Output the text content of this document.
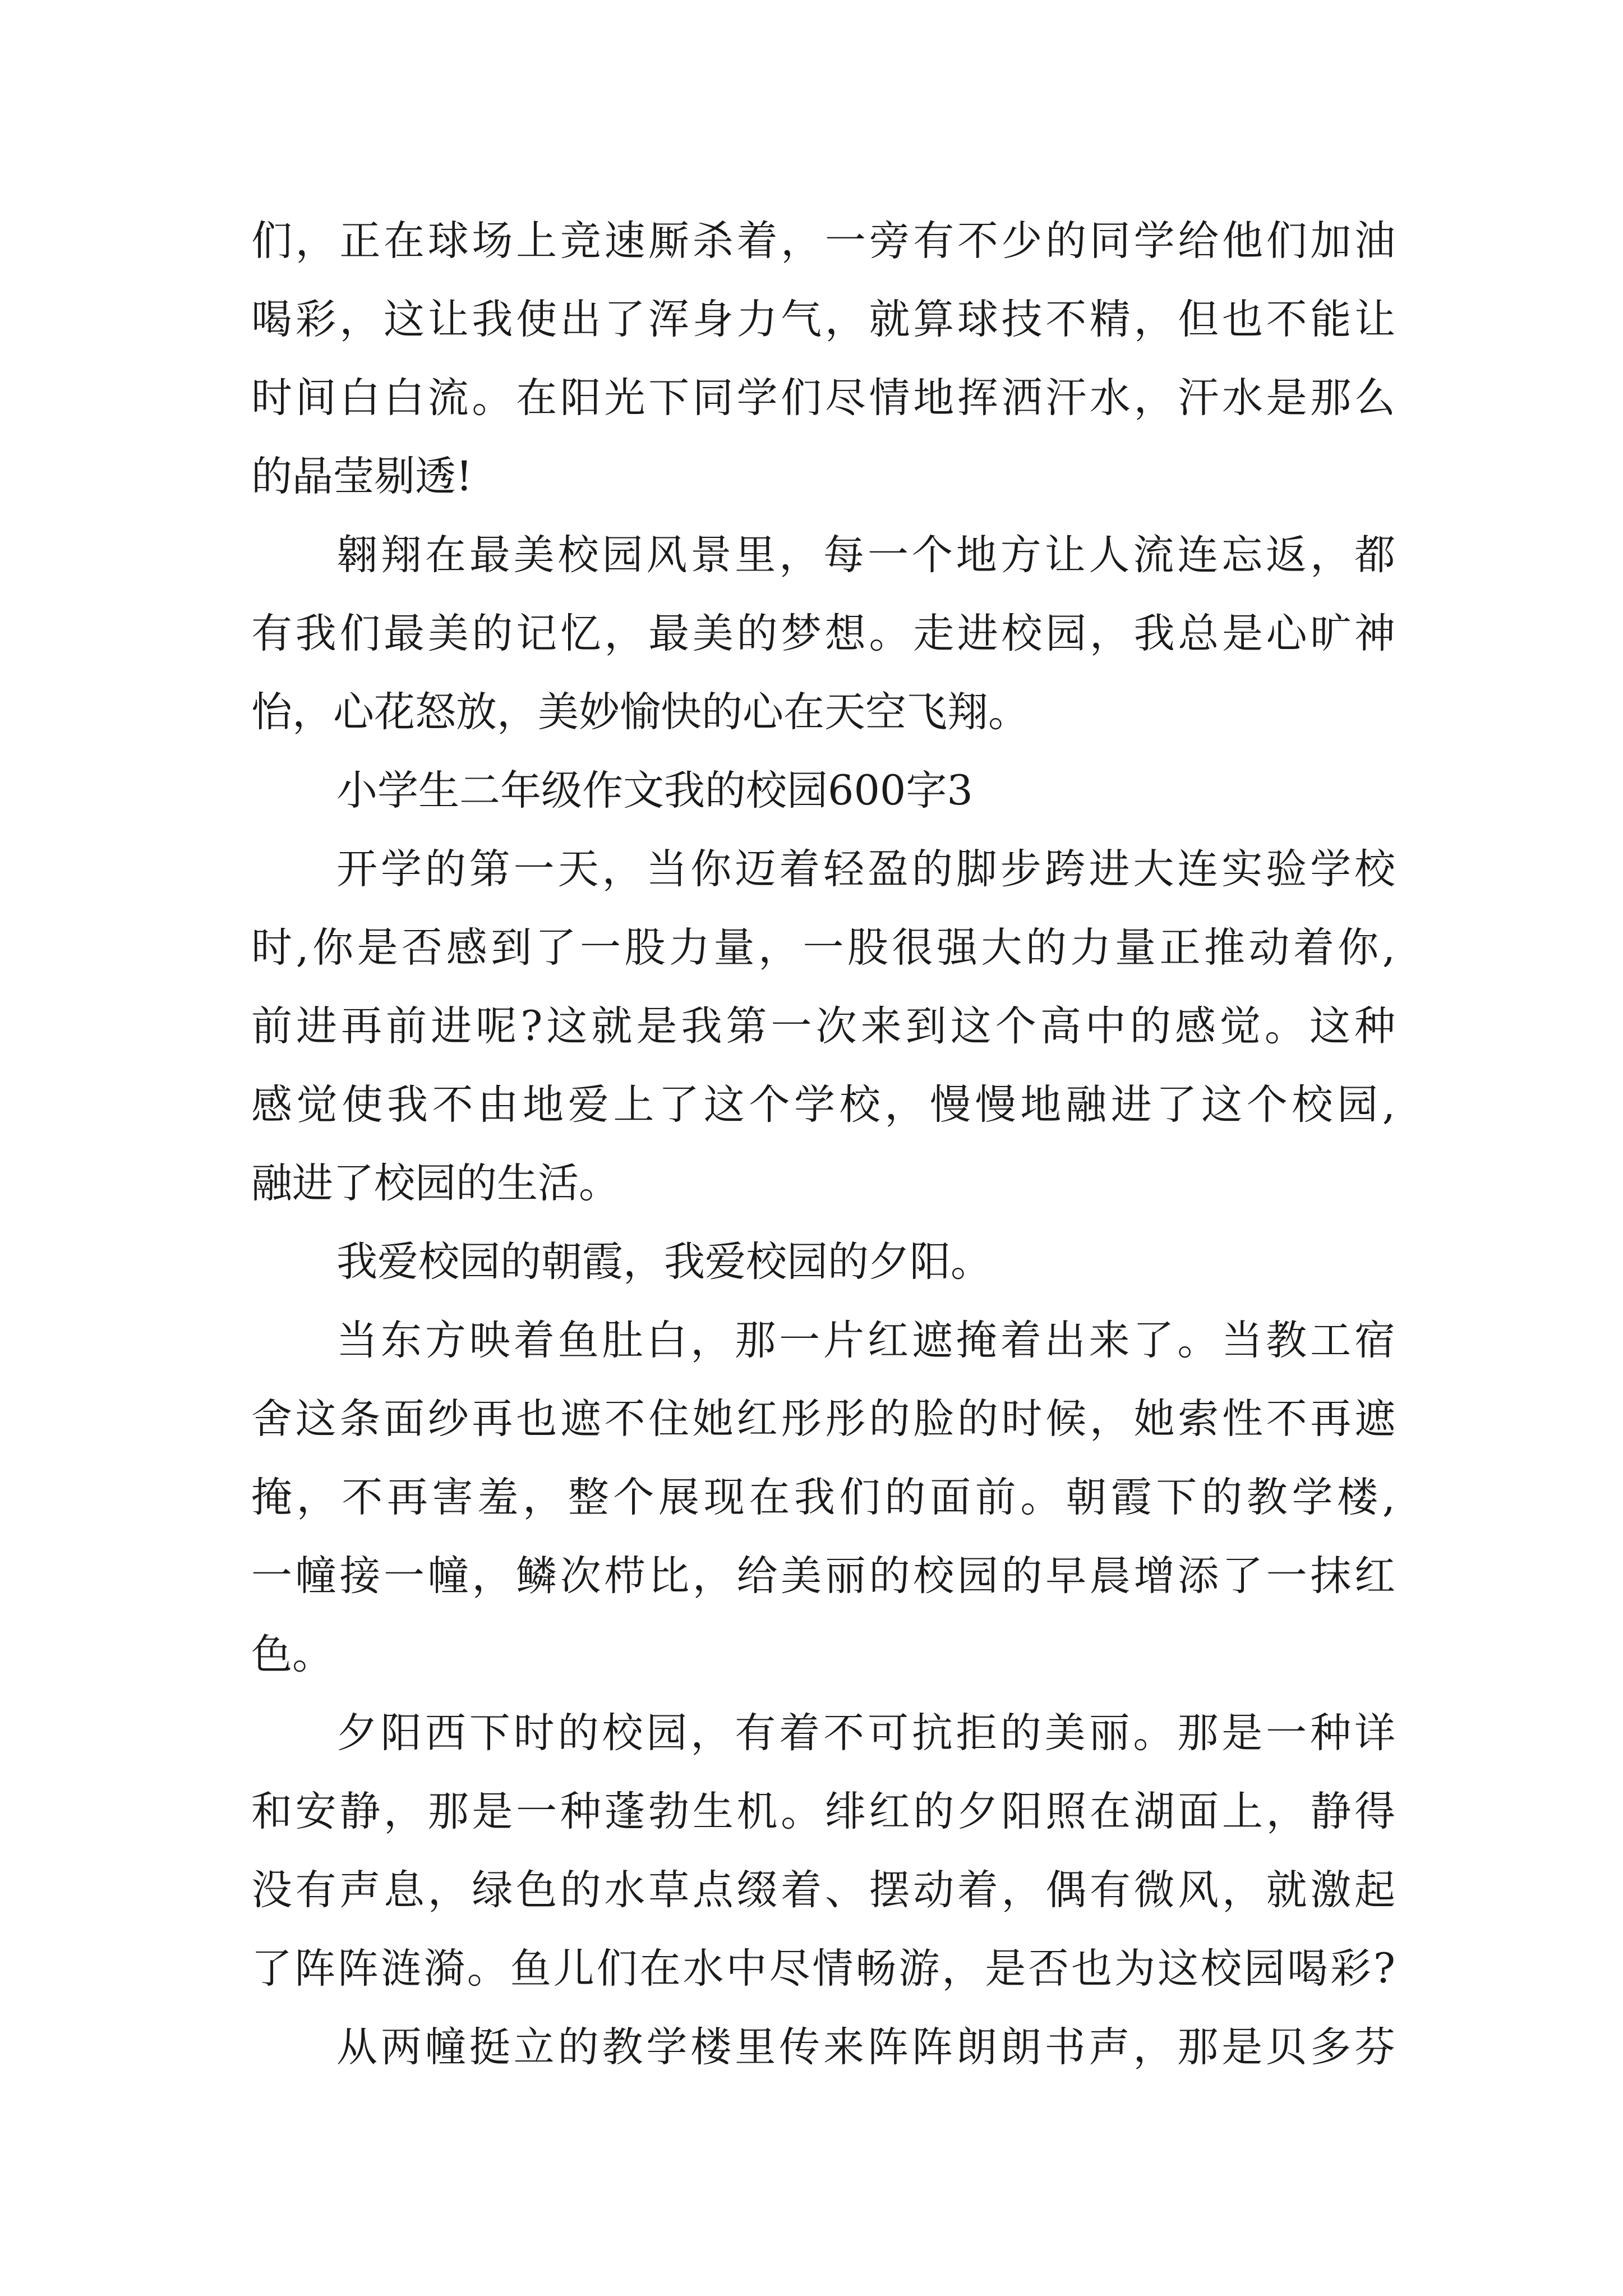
们，正在球场上竞速厮杀着，一旁有不少的同学给他们加油
喝彩，这让我使出了浑身力气，就算球技不精，但也不能让
时间白白流。在阳光下同学们尽情地挥洒汗水，汗水是那么
的晶莹剔透!
翱翔在最美校园风景里，每一个地方让人流连忘返，都
有我们最美的记忆，最美的梦想。走进校园，我总是心旷神
怡，心花怒放，美妙愉快的心在天空飞翔。
小学生二年级作文我的校园600字3
开学的第一天，当你迈着轻盈的脚步跨进大连实验学校
时,你是否感到了一股力量，一股很强大的力量正推动着你,
前进再前进呢?这就是我第一次来到这个高中的感觉。这种
感觉使我不由地爱上了这个学校，慢慢地融进了这个校园,
融进了校园的生活。
我爱校园的朝霞，我爱校园的夕阳。
当东方映着鱼肚白，那一片红遮掩着出来了。当教工宿
舍这条面纱再也遮不住她红彤彤的脸的时候，她索性不再遮
掩，不再害羞，整个展现在我们的面前。朝霞下的教学楼,
一幢接一幢，鳞次栉比，给美丽的校园的早晨增添了一抹红
色。
夕阳西下时的校园，有着不可抗拒的美丽。那是一种详
和安静，那是一种蓬勃生机。绯红的夕阳照在湖面上，静得
没有声息，绿色的水草点缀着、摆动着，偶有微风，就激起
了阵阵涟漪。鱼儿们在水中尽情畅游，是否也为这校园喝彩?
从两幢挺立的教学楼里传来阵阵朗朗书声，那是贝多芬
